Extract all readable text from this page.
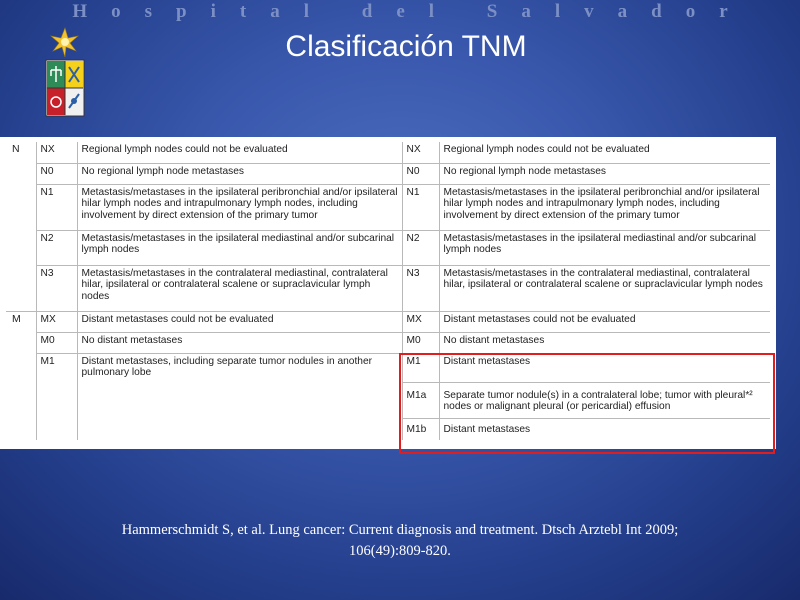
Hospital del Salvador
Clasificación TNM
N	NX	Regional lymph nodes could not be evaluated	NX	Regional lymph nodes could not be evaluated
	N0	No regional lymph node metastases	N0	No regional lymph node metastases
	N1	Metastasis/metastases in the ipsilateral peribronchial and/or ipsilateral hilar lymph nodes and intrapulmonary lymph nodes, including involvement by direct extension of the primary tumor	N1	Metastasis/metastases in the ipsilateral peribronchial and/or ipsilateral hilar lymph nodes and intrapulmonary lymph nodes, including involvement by direct extension of the primary tumor
	N2	Metastasis/metastases in the ipsilateral mediastinal and/or subcarinal lymph nodes	N2	Metastasis/metastases in the ipsilateral mediastinal and/or subcarinal lymph nodes
	N3	Metastasis/metastases in the contralateral mediastinal, contralateral hilar, ipsilateral or contralateral scalene or supraclavicular lymph nodes	N3	Metastasis/metastases in the contralateral mediastinal, contralateral hilar, ipsilateral or contralateral scalene or supraclavicular lymph nodes
M	MX	Distant metastases could not be evaluated	MX	Distant metastases could not be evaluated
	M0	No distant metastases	M0	No distant metastases
	M1	Distant metastases, including separate tumor nodules in another pulmonary lobe	M1	Distant metastases
			M1a	Separate tumor nodule(s) in a contralateral lobe; tumor with pleural*² nodes or malignant pleural (or pericardial) effusion
			M1b	Distant metastases
Hammerschmidt S, et al. Lung cancer: Current diagnosis and treatment. Dtsch Arztebl Int 2009;
106(49):809-820.
